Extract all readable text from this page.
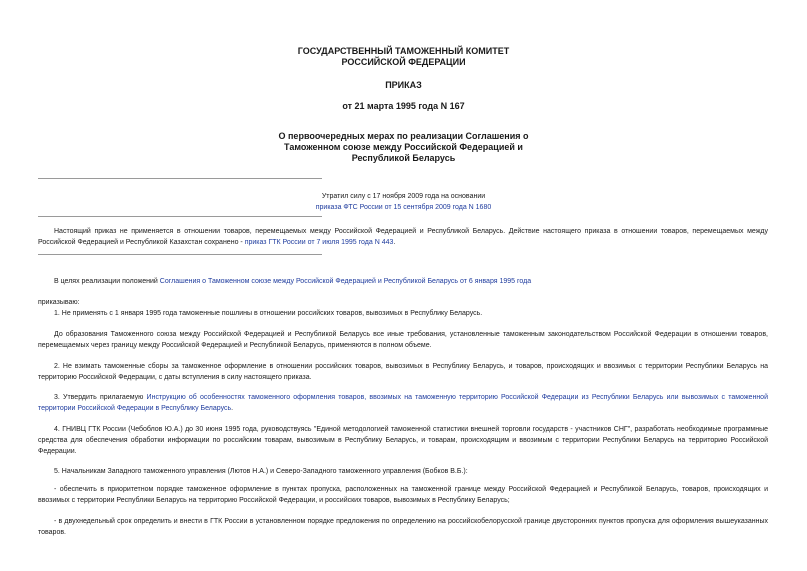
ГОСУДАРСТВЕННЫЙ ТАМОЖЕННЫЙ КОМИТЕТ
РОССИЙСКОЙ ФЕДЕРАЦИИ
ПРИКАЗ
от 21 марта 1995 года N 167
О первоочередных мерах по реализации Соглашения о
Таможенном союзе между Российской Федерацией и
Республикой Беларусь
Утратил силу с 17 ноября 2009 года на основании
приказа ФТС России от 15 сентября 2009 года N 1680
Настоящий приказ не применяется в отношении товаров, перемещаемых между Российской Федерацией и Республикой Беларусь. Действие настоящего приказа в отношении товаров, перемещаемых между Российской Федерацией и Республикой Казахстан сохранено - приказ ГТК России от 7 июля 1995 года N 443.
В целях реализации положений Соглашения о Таможенном союзе между Российской Федерацией и Республикой Беларусь от 6 января 1995 года
приказываю:
1. Не применять с 1 января 1995 года таможенные пошлины в отношении российских товаров, вывозимых в Республику Беларусь.
До образования Таможенного союза между Российской Федерацией и Республикой Беларусь все иные требования, установленные таможенным законодательством Российской Федерации в отношении товаров, перемещаемых через границу между Российской Федерацией и Республикой Беларусь, применяются в полном объеме.
2. Не взимать таможенные сборы за таможенное оформление в отношении российских товаров, вывозимых в Республику Беларусь, и товаров, происходящих и ввозимых с территории Республики Беларусь на территорию Российской Федерации, с даты вступления в силу настоящего приказа.
3. Утвердить прилагаемую Инструкцию об особенностях таможенного оформления товаров, ввозимых на таможенную территорию Российской Федерации из Республики Беларусь или вывозимых с таможенной территории Российской Федерации в Республику Беларусь.
4. ГНИВЦ ГТК России (Чебоблов Ю.А.) до 30 июня 1995 года, руководствуясь "Единой методологией таможенной статистики внешней торговли государств - участников СНГ", разработать необходимые программные средства для обеспечения обработки информации по российским товарам, вывозимым в Республику Беларусь, и товарам, происходящим и ввозимым с территории Республики Беларусь на территорию Российской Федерации.
5. Начальникам Западного таможенного управления (Лютов Н.А.) и Северо-Западного таможенного управления (Бобков В.Б.):
- обеспечить в приоритетном порядке таможенное оформление в пунктах пропуска, расположенных на таможенной границе между Российской Федерацией и Республикой Беларусь, товаров, происходящих и ввозимых с территории Республики Беларусь на территорию Российской Федерации, и российских товаров, вывозимых в Республику Беларусь;
- в двухнедельный срок определить и внести в ГТК России в установленном порядке предложения по определению на российскобелорусской границе двусторонних пунктов пропуска для оформления вышеуказанных товаров.
